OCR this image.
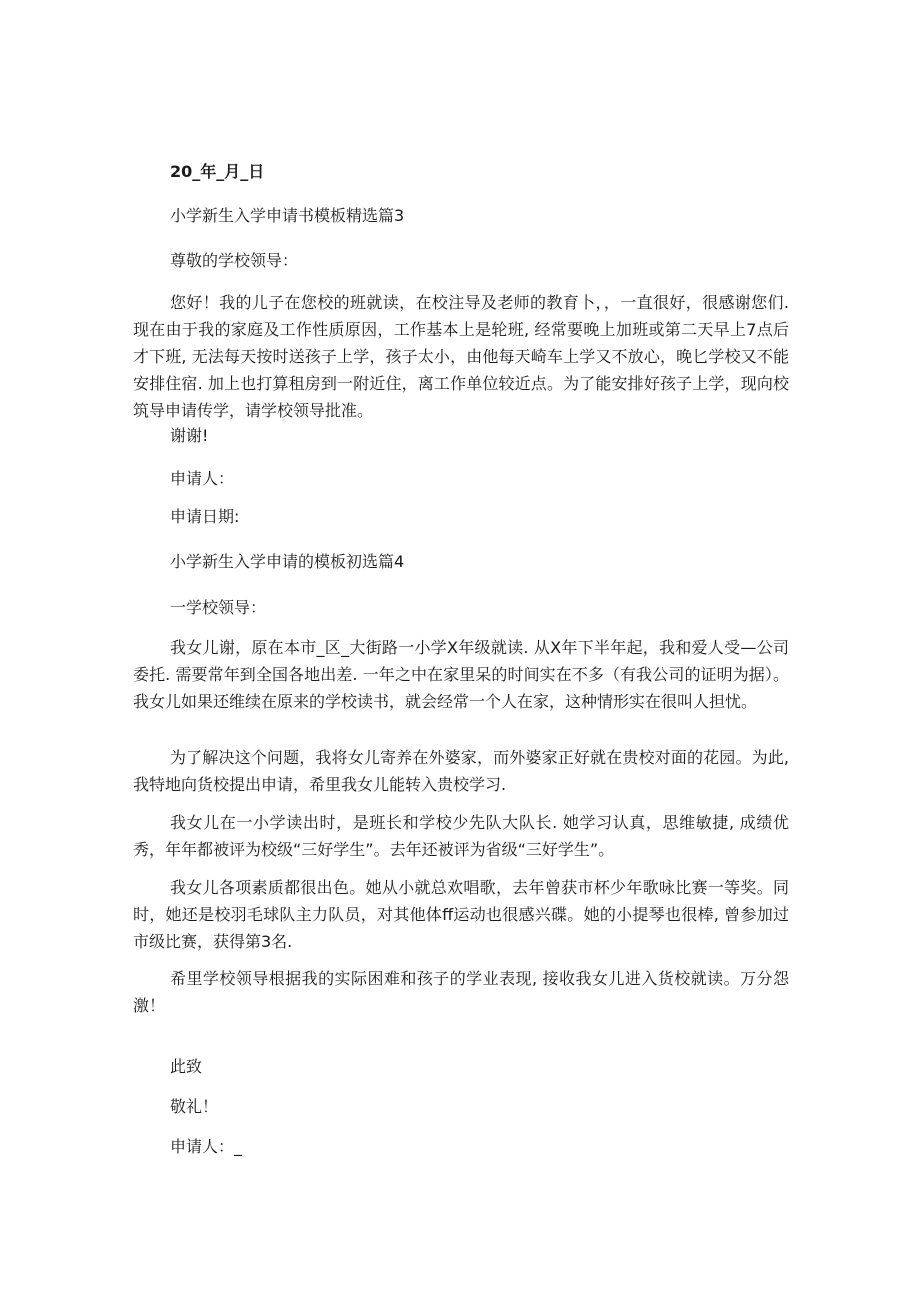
20_年_月_日
小学新生入学申请书模板精选篇3
尊敬的学校领导：

您好！我的儿子在您校的班就读，在校注导及老师的教育卜，，一直很好，很感谢您们. 现在由于我的家庭及工作性质原因，工作基本上是轮班, 经常要晚上加班或第二天早上7点后才下班, 无法每天按时送孩子上学，孩子太小，由他每天崎车上学又不放心，晚匕学校又不能安排住宿. 加上也打算租房到一附近住，离工作单位较近点。为了能安排好孩子上学，现向校筑导申请传学，请学校领导批准。

谢谢!
申请人：
申请日期:
小学新生入学申请的模板初选篇4
一学校领导：

我女儿谢，原在本市_区_大街路一小学X年级就读. 从X年下半年起，我和爱人受—公司委托. 需要常年到全国各地出差. 一年之中在家里呆的时间实在不多（有我公司的证明为据）。我女儿如果还维续在原来的学校读书，就会经常一个人在家，这种情形实在很叫人担忧。

为了解决这个问题，我将女儿寄养在外婆家，而外婆家正好就在贵校对面的花园。为此, 我特地向货校提出申请，希里我女儿能转入贵校学习.

我女儿在一小学读出时，是班长和学校少先队大队长. 她学习认真，思维敏捷, 成绩优秀，年年都被评为校级“三好学生”。去年还被评为省级“三好学生”。

我女儿各项素质都很出色。她从小就总欢唱歌，去年曾获市杯少年歌咏比赛一等奖。同时，她还是校羽毛球队主力队员，对其他体ff运动也很感兴碟。她的小提琴也很棒, 曾参加过市级比赛，获得第3名.

希里学校领导根据我的实际困难和孩子的学业表现, 接收我女儿进入货校就读。万分怨激！

此致
敬礼！
申请人：_
